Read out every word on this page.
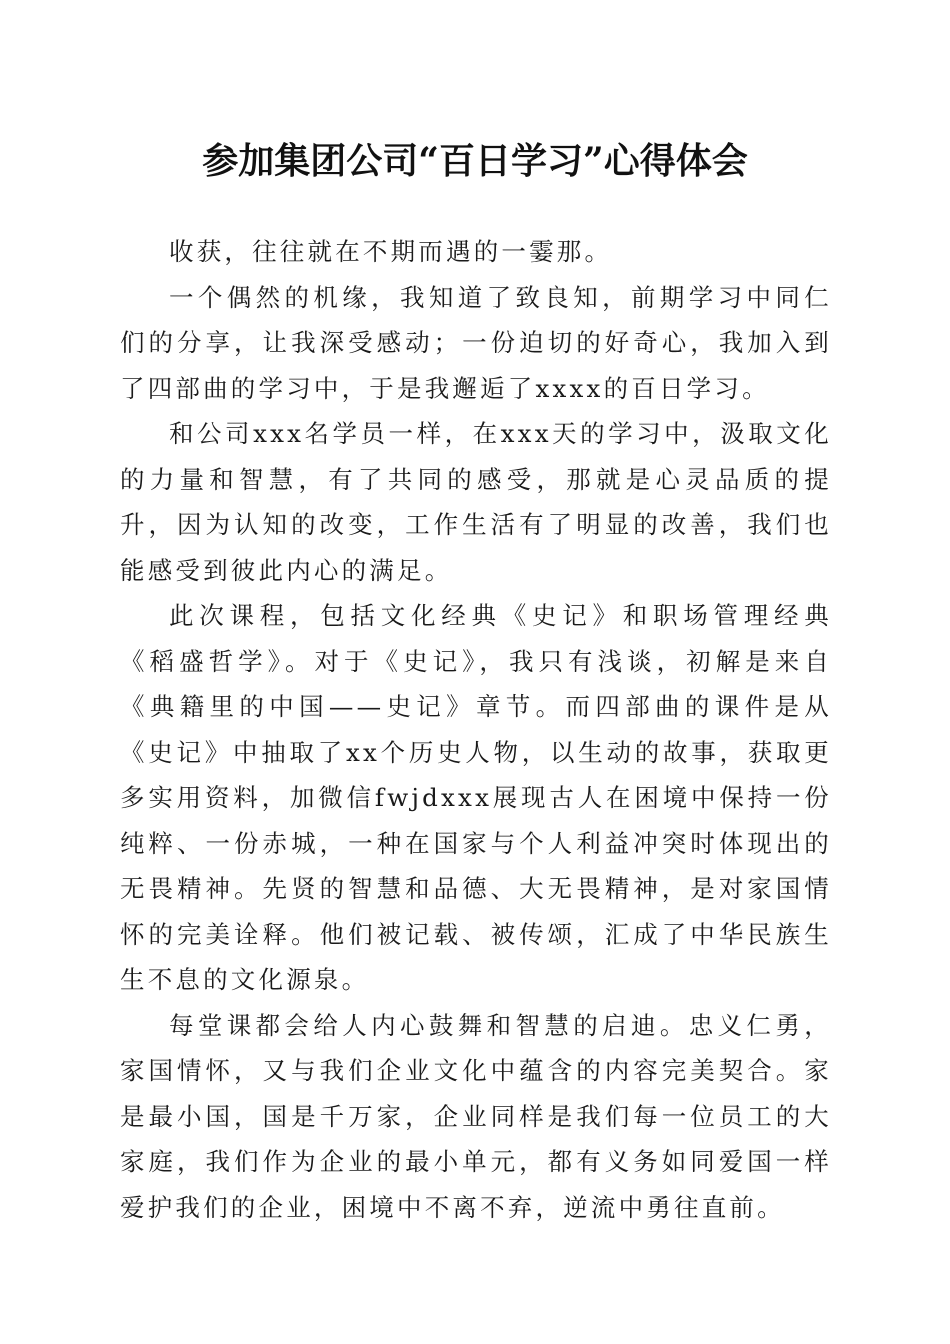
参加集团公司“百日学习”心得体会

收获，往往就在不期而遇的一霎那。

一个偶然的机缘，我知道了致良知，前期学习中同仁们的分享，让我深受感动；一份迫切的好奇心，我加入到了四部曲的学习中，于是我邂逅了xxxx的百日学习。

和公司xxx名学员一样，在xxx天的学习中，汲取文化的力量和智慧，有了共同的感受，那就是心灵品质的提升，因为认知的改变，工作生活有了明显的改善，我们也能感受到彼此内心的满足。

此次课程，包括文化经典《史记》和职场管理经典《稻盛哲学》。对于《史记》，我只有浅谈，初解是来自《典籍里的中国——史记》章节。而四部曲的课件是从《史记》中抽取了xx个历史人物，以生动的故事，获取更多实用资料，加微信fwjdxxx展现古人在困境中保持一份纯粹、一份赤城，一种在国家与个人利益冲突时体现出的无畏精神。先贤的智慧和品德、大无畏精神，是对家国情怀的完美诠释。他们被记载、被传颂，汇成了中华民族生生不息的文化源泉。

每堂课都会给人内心鼓舞和智慧的启迪。忠义仁勇，家国情怀，又与我们企业文化中蕴含的内容完美契合。家是最小国，国是千万家，企业同样是我们每一位员工的大家庭，我们作为企业的最小单元，都有义务如同爱国一样爱护我们的企业，困境中不离不弃，逆流中勇往直前。
